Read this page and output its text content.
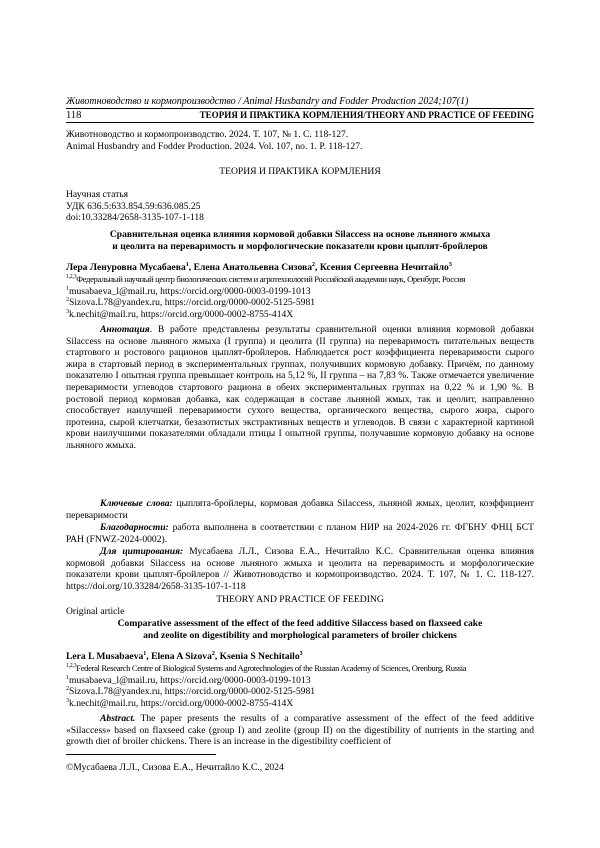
Животноводство и кормопроизводство / Animal Husbandry and Fodder Production 2024;107(1)
118	ТЕОРИЯ И ПРАКТИКА КОРМЛЕНИЯ/THEORY AND PRACTICE OF FEEDING
Животноводство и кормопроизводство. 2024. Т. 107, № 1. С. 118-127.
Animal Husbandry and Fodder Production. 2024. Vol. 107, no. 1. P. 118-127.
ТЕОРИЯ И ПРАКТИКА КОРМЛЕНИЯ
Научная статья
УДК 636.5:633.854.59:636.085.25
doi:10.33284/2658-3135-107-1-118
Сравнительная оценка влияния кормовой добавки Silaccess на основе льняного жмыха
и цеолита на переваримость и морфологические показатели крови цыплят-бройлеров
Лера Ленуровна Мусабаева$^1$, Елена Анатольевна Сизова$^2$, Ксения Сергеевна Нечитайло$^3$
$^{1,2,3}$Федеральный научный центр биологических систем и агротехнологий Российской академии наук, Оренбург, Россия
$^1$musabaeva_l@mail.ru, https://orcid.org/0000-0003-0199-1013
$^2$Sizova.L78@yandex.ru, https://orcid.org/0000-0002-5125-5981
$^3$k.nechit@mail.ru, https://orcid.org/0000-0002-8755-414X
Аннотация. В работе представлены результаты сравнительной оценки влияния кормовой добавки Silaccess на основе льняного жмыха (I группа) и цеолита (II группа) на переваримость питательных веществ стартового и ростового рационов цыплят-бройлеров. Наблюдается рост коэффициента переваримости сырого жира в стартовый период в экспериментальных группах, получивших кормовую добавку. Причём, по данному показателю I опытная группа превышает контроль на 5,12 %, II группа – на 7,83 %. Также отмечается увеличение переваримости углеводов стартового рациона в обеих экспериментальных группах на 0,22 % и 1,90 %. В ростовой период кормовая добавка, как содержащая в составе льняной жмых, так и цеолит, направленно способствует наилучшей переваримости сухого вещества, органического вещества, сырого жира, сырого протеина, сырой клетчатки, безазотистых экстрактивных веществ и углеводов. В связи с характерной картиной крови наилучшими показателями обладали птицы I опытной группы, получавшие кормовую добавку на основе льняного жмыха.
Ключевые слова: цыплята-бройлеры, кормовая добавка Silaccess, льняной жмых, цеолит, коэффициент переваримости
Благодарности: работа выполнена в соответствии с планом НИР на 2024-2026 гг. ФГБНУ ФНЦ БСТ РАН (FNWZ-2024-0002).
Для цитирования: Мусабаева Л.Л., Сизова Е.А., Нечитайло К.С. Сравнительная оценка влияния кормовой добавки Silaccess на основе льняного жмыха и цеолита на переваримость и морфологические показатели крови цыплят-бройлеров // Животноводство и кормопроизводство. 2024. Т. 107, № 1. С. 118-127. https://doi.org/10.33284/2658-3135-107-1-118
THEORY AND PRACTICE OF FEEDING
Original article
Comparative assessment of the effect of the feed additive Silaccess based on flaxseed cake
and zeolite on digestibility and morphological parameters of broiler chickens
Lera L Musabaeva$^1$, Elena A Sizova$^2$, Ksenia S Nechitailo$^3$
$^{1,2,3}$Federal Research Centre of Biological Systems and Agrotechnologies of the Russian Academy of Sciences, Orenburg, Russia
$^1$musabaeva_l@mail.ru, https://orcid.org/0000-0003-0199-1013
$^2$Sizova.L78@yandex.ru, https://orcid.org/0000-0002-5125-5981
$^3$k.nechit@mail.ru, https://orcid.org/0000-0002-8755-414X
Abstract. The paper presents the results of a comparative assessment of the effect of the feed additive «Silaccess» based on flaxseed cake (group I) and zeolite (group II) on the digestibility of nutrients in the starting and growth diet of broiler chickens. There is an increase in the digestibility coefficient of
©Мусабаева Л.Л., Сизова Е.А., Нечитайло К.С., 2024
